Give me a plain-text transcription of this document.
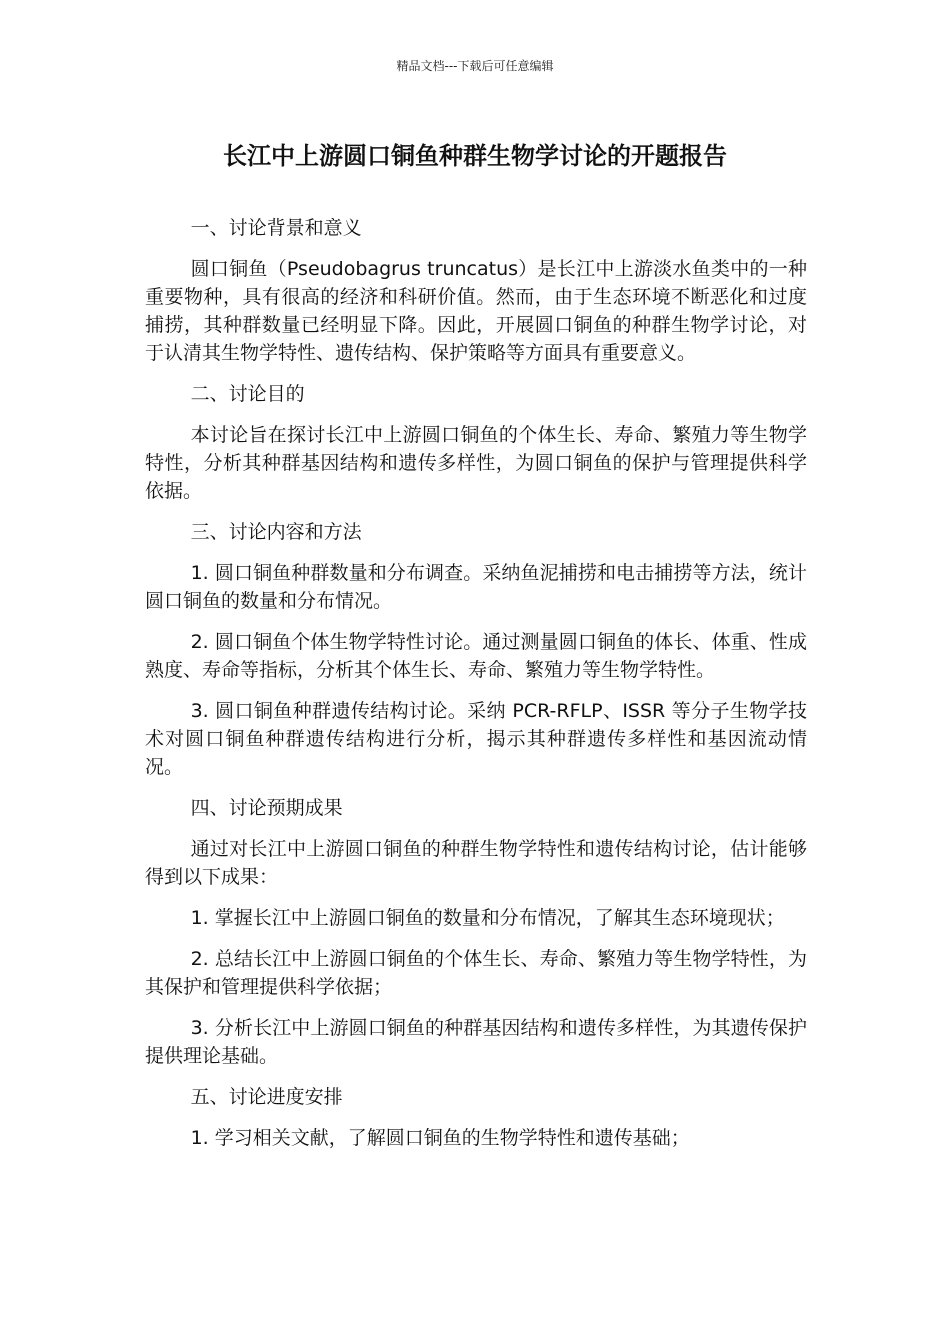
精品文档---下载后可任意编辑
长江中上游圆口铜鱼种群生物学讨论的开题报告

一、讨论背景和意义

圆口铜鱼（Pseudobagrus truncatus）是长江中上游淡水鱼类中的一种重要物种，具有很高的经济和科研价值。然而，由于生态环境不断恶化和过度捕捞，其种群数量已经明显下降。因此，开展圆口铜鱼的种群生物学讨论，对于认清其生物学特性、遗传结构、保护策略等方面具有重要意义。

二、讨论目的

本讨论旨在探讨长江中上游圆口铜鱼的个体生长、寿命、繁殖力等生物学特性，分析其种群基因结构和遗传多样性，为圆口铜鱼的保护与管理提供科学依据。

三、讨论内容和方法

1. 圆口铜鱼种群数量和分布调查。采纳鱼泥捕捞和电击捕捞等方法，统计圆口铜鱼的数量和分布情况。

2. 圆口铜鱼个体生物学特性讨论。通过测量圆口铜鱼的体长、体重、性成熟度、寿命等指标，分析其个体生长、寿命、繁殖力等生物学特性。

3. 圆口铜鱼种群遗传结构讨论。采纳 PCR-RFLP、ISSR 等分子生物学技术对圆口铜鱼种群遗传结构进行分析，揭示其种群遗传多样性和基因流动情况。

四、讨论预期成果

通过对长江中上游圆口铜鱼的种群生物学特性和遗传结构讨论，估计能够得到以下成果：

1. 掌握长江中上游圆口铜鱼的数量和分布情况，了解其生态环境现状；

2. 总结长江中上游圆口铜鱼的个体生长、寿命、繁殖力等生物学特性，为其保护和管理提供科学依据；

3. 分析长江中上游圆口铜鱼的种群基因结构和遗传多样性，为其遗传保护提供理论基础。

五、讨论进度安排

1. 学习相关文献，了解圆口铜鱼的生物学特性和遗传基础；
